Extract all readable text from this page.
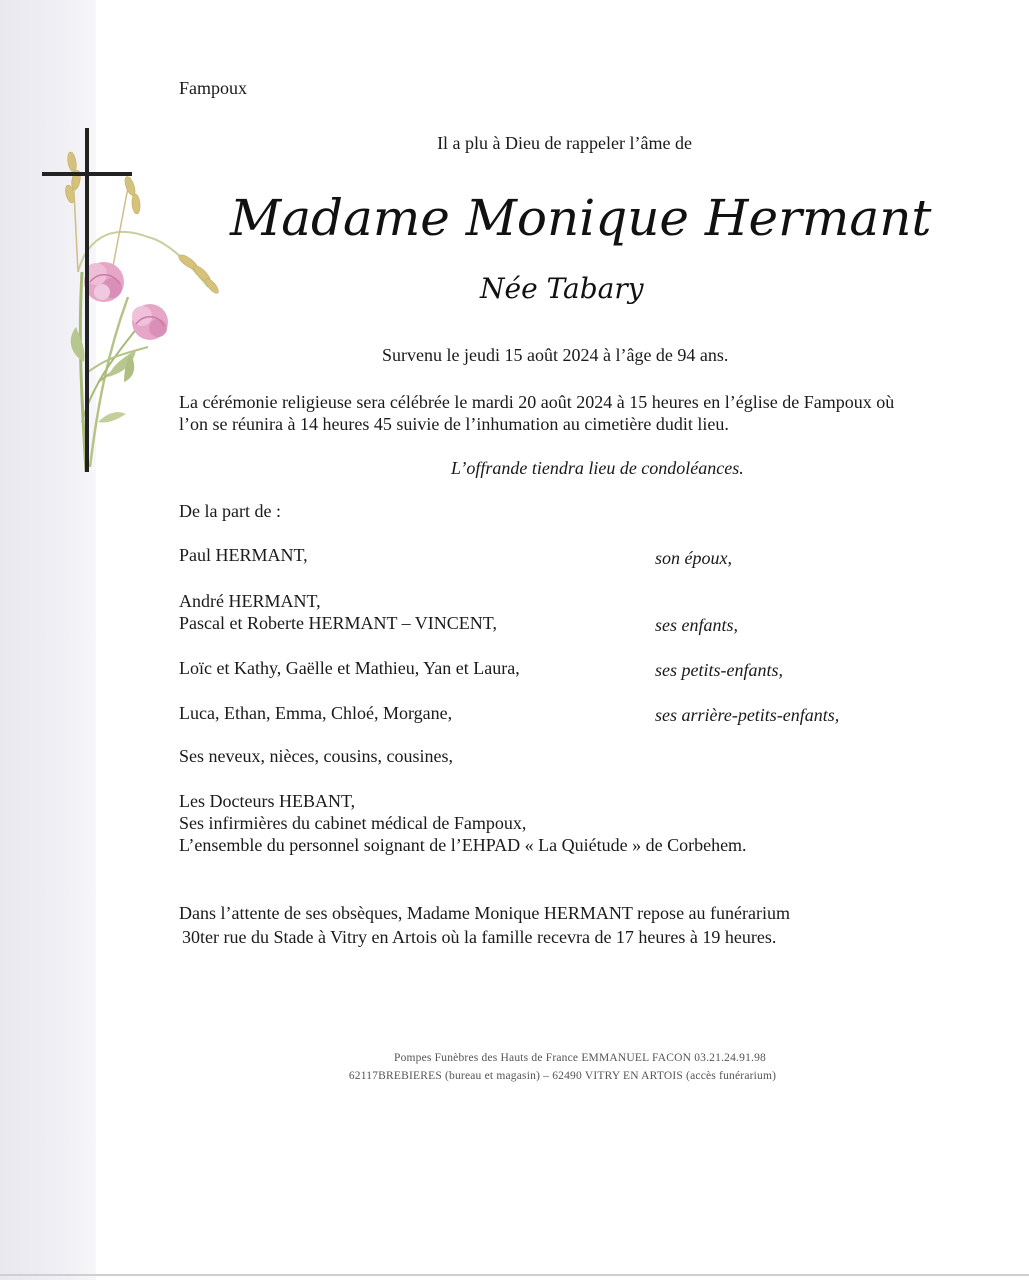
Fampoux
Il a plu à Dieu de rappeler l’âme de
Madame Monique Hermant
Née Tabary
Survenu le jeudi 15 août 2024 à l’âge de 94 ans.
La cérémonie religieuse sera célébrée le mardi 20 août 2024 à 15 heures en l’église de Fampoux où
l’on se réunira à 14 heures 45 suivie de l’inhumation au cimetière dudit lieu.
L’offrande tiendra lieu de condoléances.
De la part de :
Paul HERMANT,	son époux,
André HERMANT,
Pascal et Roberte HERMANT – VINCENT,	ses enfants,
Loïc et Kathy, Gaëlle et Mathieu, Yan et Laura,	ses petits-enfants,
Luca, Ethan, Emma, Chloé, Morgane,	ses arrière-petits-enfants,
Ses neveux, nièces, cousins, cousines,
Les Docteurs HEBANT,
Ses infirmières du cabinet médical de Fampoux,
L’ensemble du personnel soignant de l’EHPAD « La Quiétude » de Corbehem.
Dans l’attente de ses obsèques, Madame Monique HERMANT repose au funérarium
30ter rue du Stade à Vitry en Artois où la famille recevra de 17 heures à 19 heures.
Pompes Funèbres des Hauts de France EMMANUEL FACON 03.21.24.91.98
62117BREBIERES (bureau et magasin) – 62490 VITRY EN ARTOIS (accès funérarium)
